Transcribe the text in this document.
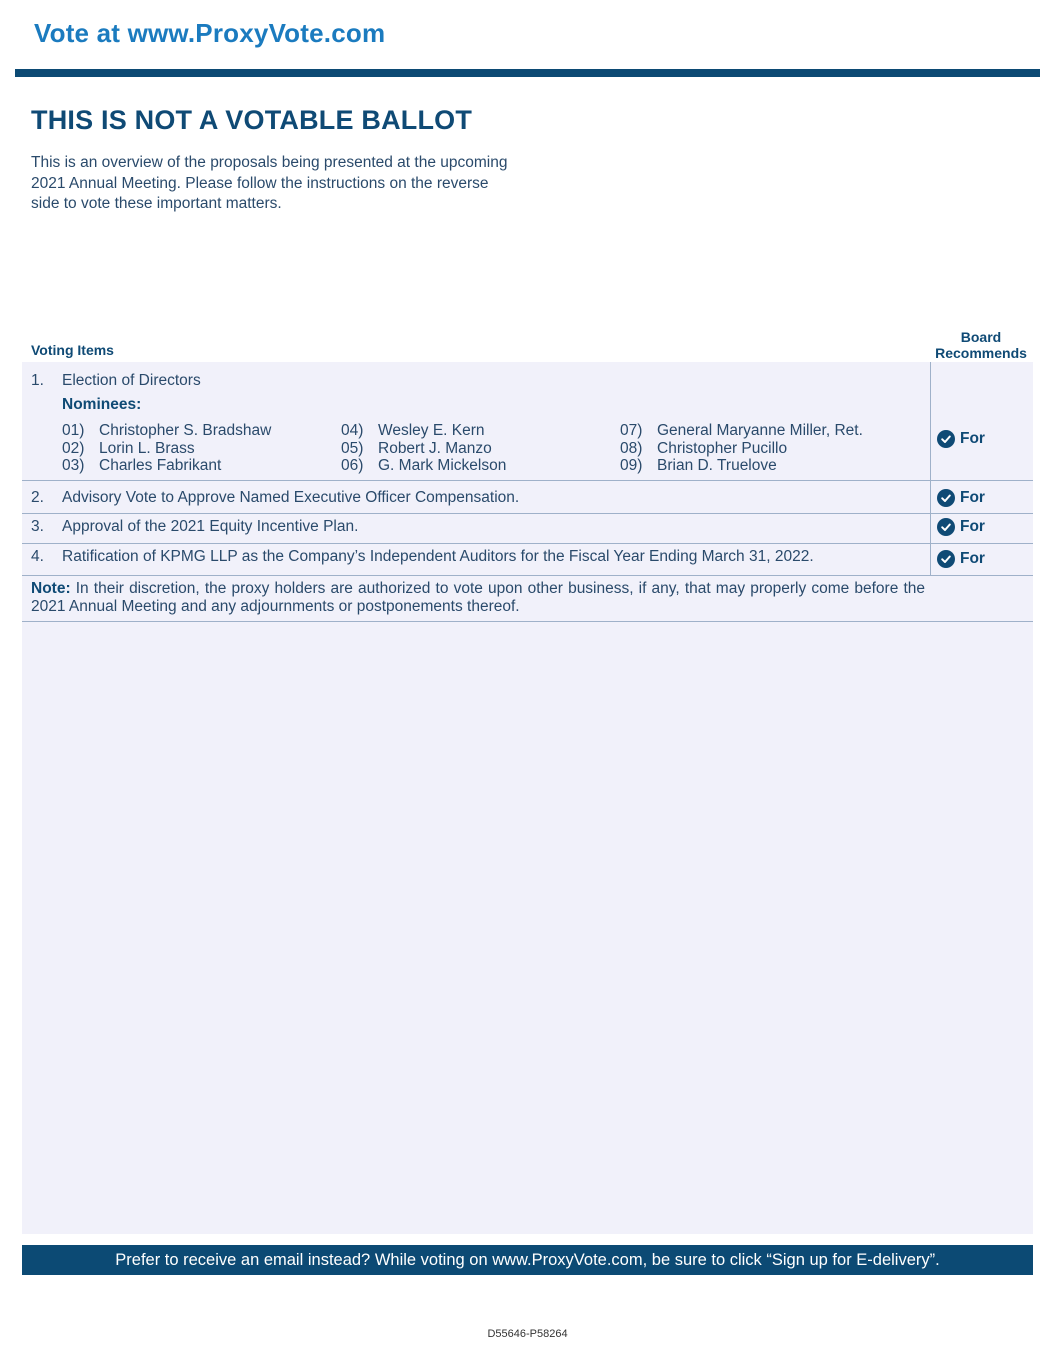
Vote at www.ProxyVote.com
THIS IS NOT A VOTABLE BALLOT
This is an overview of the proposals being presented at the upcoming 2021 Annual Meeting. Please follow the instructions on the reverse side to vote these important matters.
Voting Items
Board
Recommends
1. Election of Directors
Nominees:
01) Christopher S. Bradshaw
02) Lorin L. Brass
03) Charles Fabrikant
04) Wesley E. Kern
05) Robert J. Manzo
06) G. Mark Mickelson
07) General Maryanne Miller, Ret.
08) Christopher Pucillo
09) Brian D. Truelove
For
2. Advisory Vote to Approve Named Executive Officer Compensation.	For
3. Approval of the 2021 Equity Incentive Plan.	For
4. Ratification of KPMG LLP as the Company’s Independent Auditors for the Fiscal Year Ending March 31, 2022.	For
Note: In their discretion, the proxy holders are authorized to vote upon other business, if any, that may properly come before the 2021 Annual Meeting and any adjournments or postponements thereof.
Prefer to receive an email instead? While voting on www.ProxyVote.com, be sure to click “Sign up for E-delivery”.
D55646-P58264
